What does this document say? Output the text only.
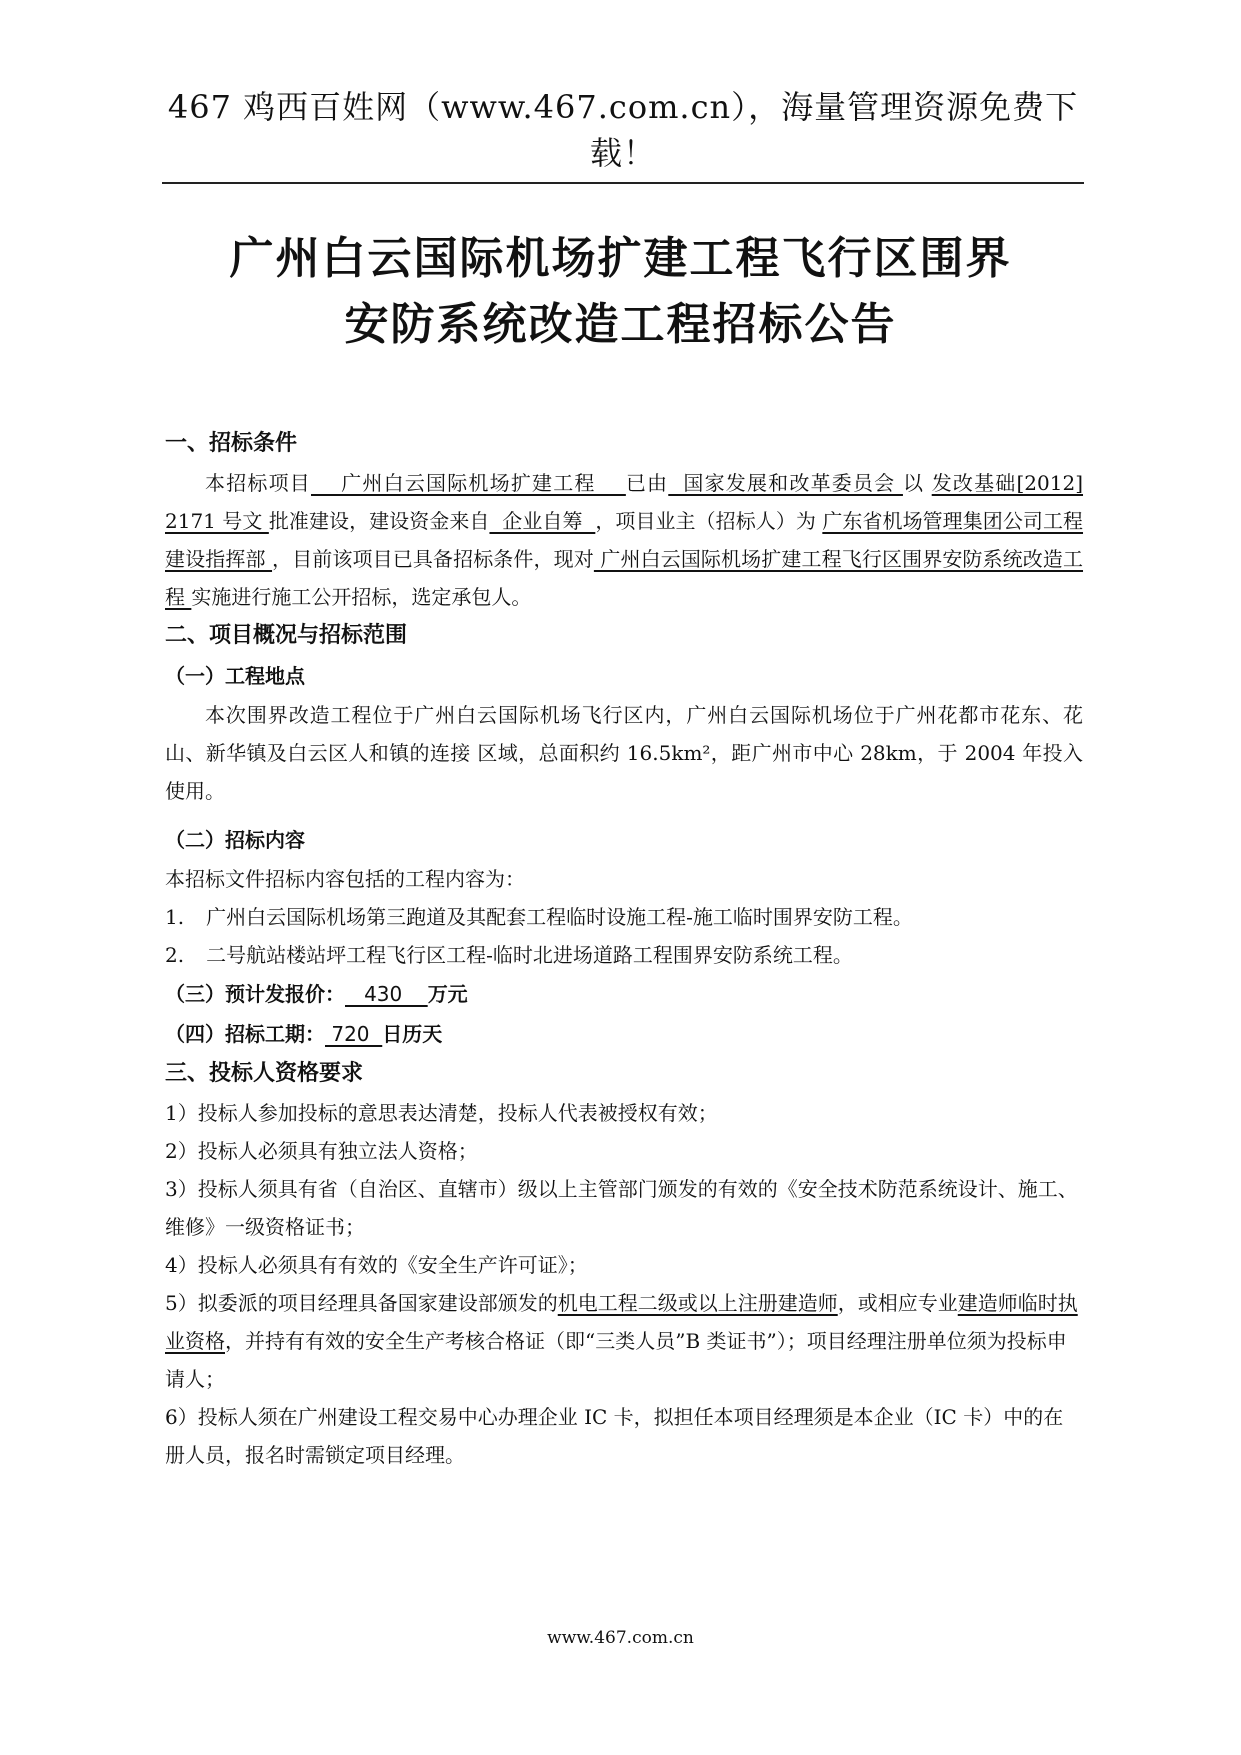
467 鸡西百姓网（www.467.com.cn），海量管理资源免费下载！
广州白云国际机场扩建工程飞行区围界
安防系统改造工程招标公告
一、招标条件

本招标项目    广州白云国际机场扩建工程    已由  国家发展和改革委员会 以 发改基础[2012] 2171 号文 批准建设，建设资金来自  企业自筹  ，项目业主（招标人）为 广东省机场管理集团公司工程建设指挥部 ，目前该项目已具备招标条件，现对 广州白云国际机场扩建工程飞行区围界安防系统改造工程 实施进行施工公开招标，选定承包人。

二、项目概况与招标范围
（一）工程地点

本次围界改造工程位于广州白云国际机场飞行区内，广州白云国际机场位于广州花都市花东、花山、新华镇及白云区人和镇的连接 区域，总面积约 16.5km²，距广州市中心 28km，于 2004 年投入使用。

（二）招标内容

本招标文件招标内容包括的工程内容为：

1. 广州白云国际机场第三跑道及其配套工程临时设施工程-施工临时围界安防工程。

2. 二号航站楼站坪工程飞行区工程-临时北进场道路工程围界安防系统工程。

（三）预计发报价：   430    万元
（四）招标工期： 720  日历天
三、投标人资格要求

1）投标人参加投标的意思表达清楚，投标人代表被授权有效；

2）投标人必须具有独立法人资格；

3）投标人须具有省（自治区、直辖市）级以上主管部门颁发的有效的《安全技术防范系统设计、施工、维修》一级资格证书；

4）投标人必须具有有效的《安全生产许可证》；

5）拟委派的项目经理具备国家建设部颁发的机电工程二级或以上注册建造师，或相应专业建造师临时执业资格，并持有有效的安全生产考核合格证（即“三类人员”B 类证书”）；项目经理注册单位须为投标申请人；

6）投标人须在广州建设工程交易中心办理企业 IC 卡，拟担任本项目经理须是本企业（IC 卡）中的在册人员，报名时需锁定项目经理。

www.467.com.cn
